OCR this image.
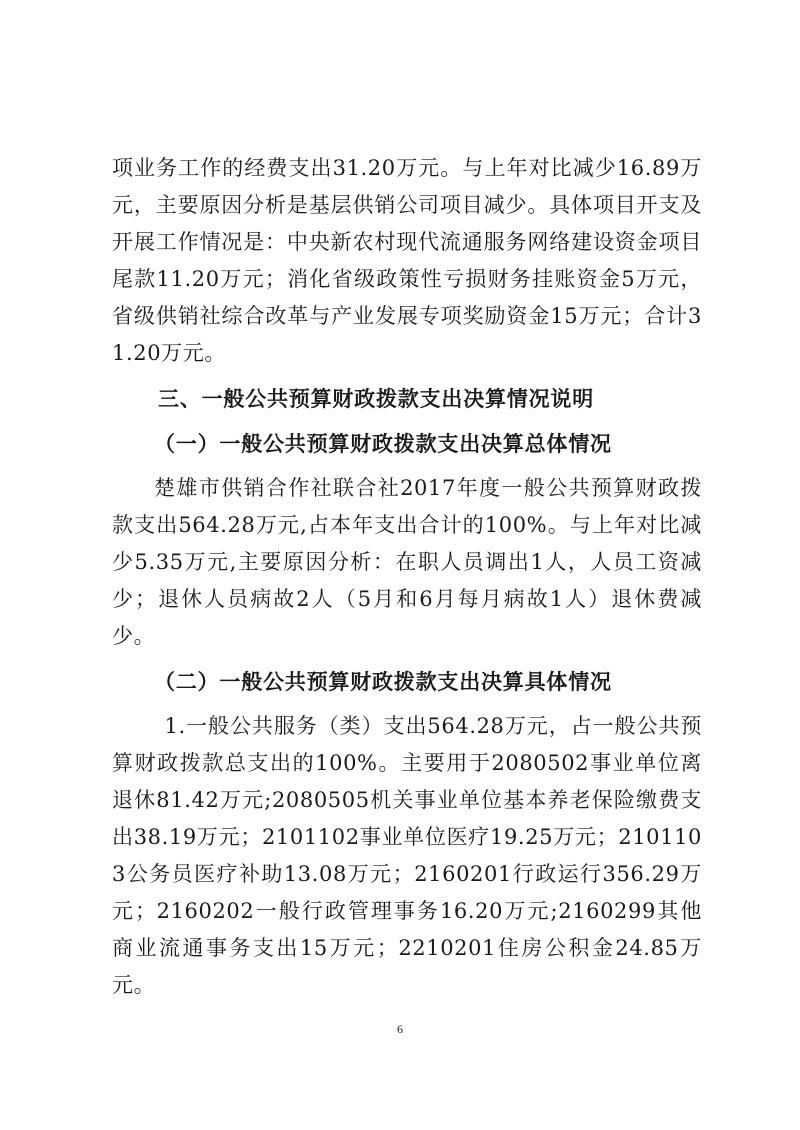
项业务工作的经费支出31.20万元。与上年对比减少16.89万元，主要原因分析是基层供销公司项目减少。具体项目开支及开展工作情况是：中央新农村现代流通服务网络建设资金项目尾款11.20万元；消化省级政策性亏损财务挂账资金5万元，省级供销社综合改革与产业发展专项奖励资金15万元；合计31.20万元。

三、一般公共预算财政拨款支出决算情况说明

（一）一般公共预算财政拨款支出决算总体情况

楚雄市供销合作社联合社2017年度一般公共预算财政拨款支出564.28万元,占本年支出合计的100%。与上年对比减少5.35万元,主要原因分析：在职人员调出1人，人员工资减少；退休人员病故2人（5月和6月每月病故1人）退休费减少。

（二）一般公共预算财政拨款支出决算具体情况

1.一般公共服务（类）支出564.28万元，占一般公共预算财政拨款总支出的100%。主要用于2080502事业单位离退休81.42万元;2080505机关事业单位基本养老保险缴费支出38.19万元；2101102事业单位医疗19.25万元；2101103公务员医疗补助13.08万元；2160201行政运行356.29万元；2160202一般行政管理事务16.20万元;2160299其他商业流通事务支出15万元；2210201住房公积金24.85万元。

6
